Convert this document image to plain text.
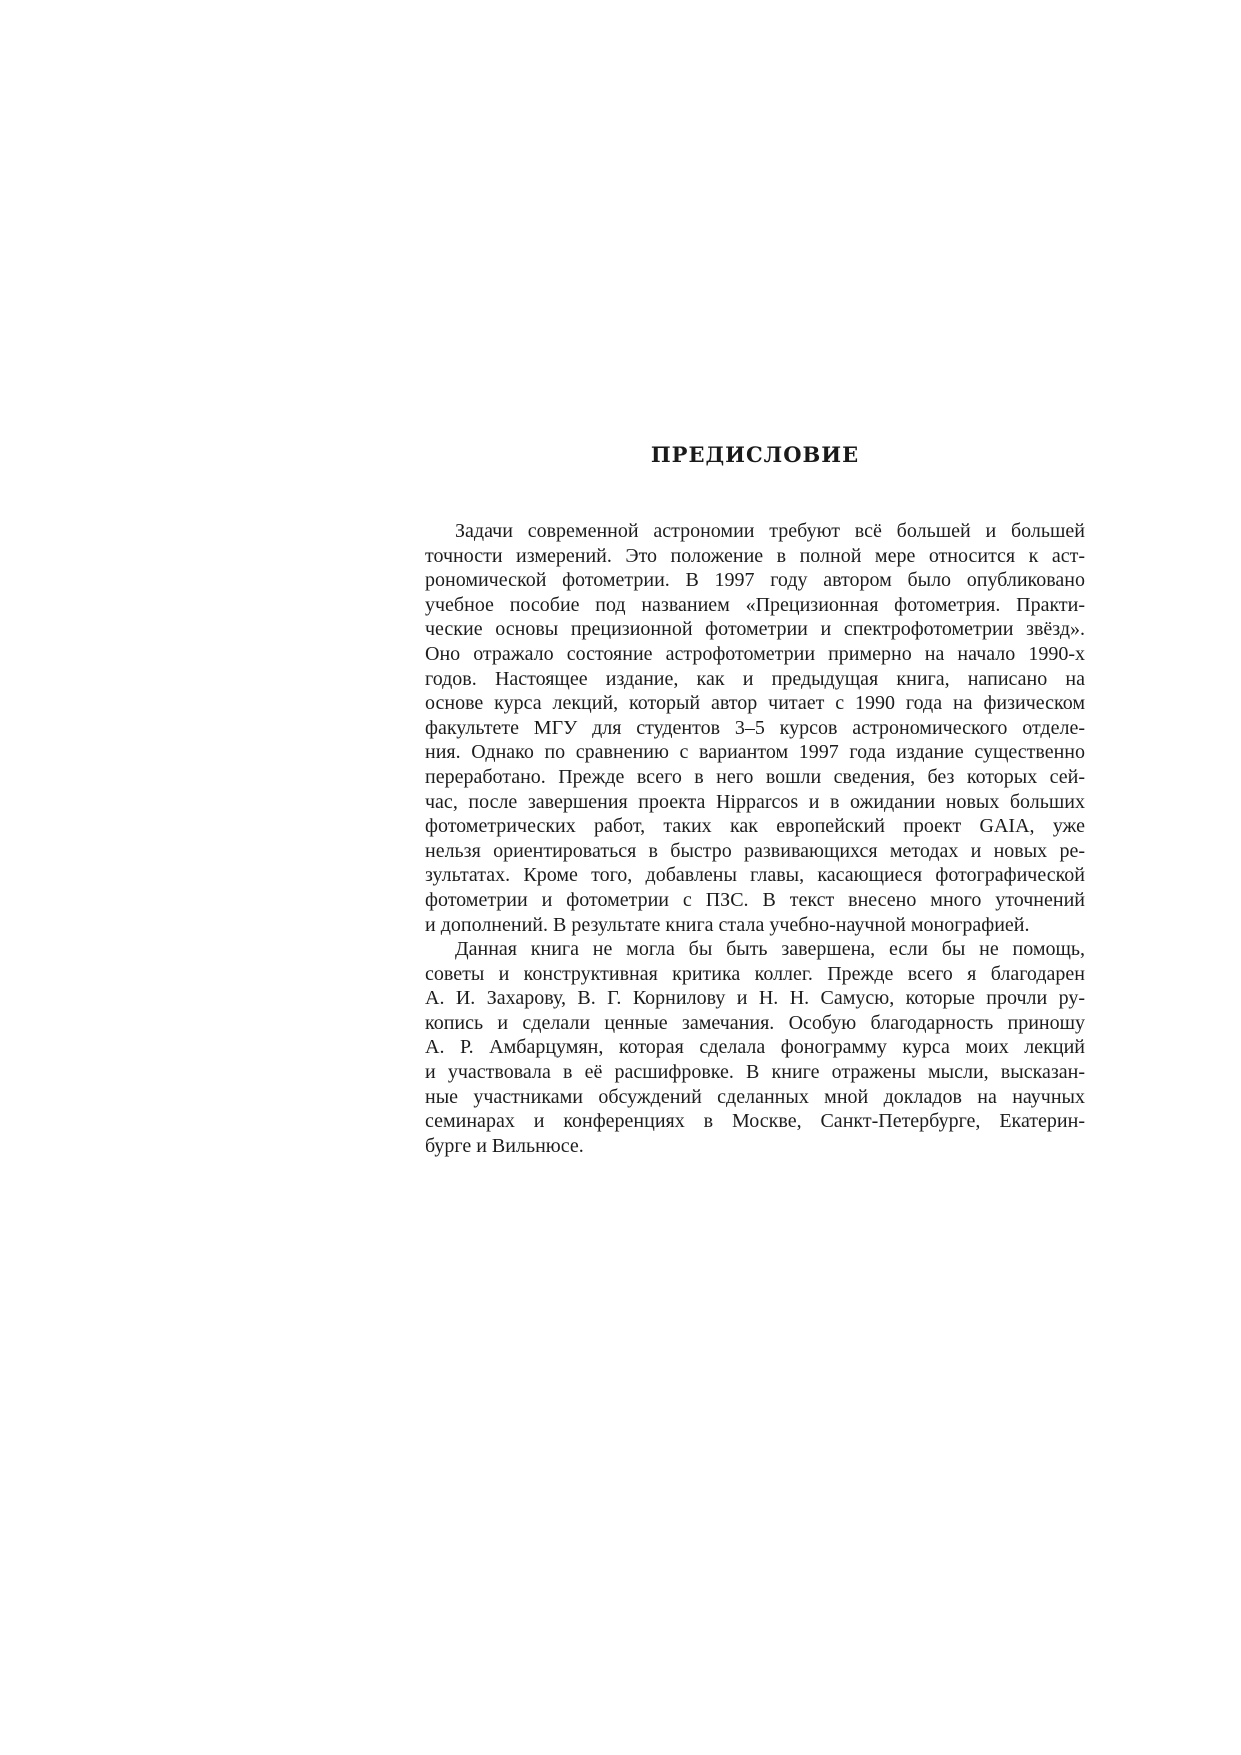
ПРЕДИСЛОВИЕ
Задачи современной астрономии требуют всё большей и большей
точности измерений. Это положение в полной мере относится к аст-
рономической фотометрии. В 1997 году автором было опубликовано
учебное пособие под названием «Прецизионная фотометрия. Практи-
ческие основы прецизионной фотометрии и спектрофотометрии звёзд».
Оно отражало состояние астрофотометрии примерно на начало 1990-х
годов. Настоящее издание, как и предыдущая книга, написано на
основе курса лекций, который автор читает с 1990 года на физическом
факультете МГУ для студентов 3–5 курсов астрономического отделе-
ния. Однако по сравнению с вариантом 1997 года издание существенно
переработано. Прежде всего в него вошли сведения, без которых сей-
час, после завершения проекта Hipparcos и в ожидании новых больших
фотометрических работ, таких как европейский проект GAIA, уже
нельзя ориентироваться в быстро развивающихся методах и новых ре-
зультатах. Кроме того, добавлены главы, касающиеся фотографической
фотометрии и фотометрии с ПЗС. В текст внесено много уточнений
и дополнений. В результате книга стала учебно-научной монографией.
Данная книга не могла бы быть завершена, если бы не помощь,
советы и конструктивная критика коллег. Прежде всего я благодарен
А. И. Захарову, В. Г. Корнилову и Н. Н. Самусю, которые прочли ру-
копись и сделали ценные замечания. Особую благодарность приношу
А. Р. Амбарцумян, которая сделала фонограмму курса моих лекций
и участвовала в её расшифровке. В книге отражены мысли, высказан-
ные участниками обсуждений сделанных мной докладов на научных
семинарах и конференциях в Москве, Санкт-Петербурге, Екатерин-
бурге и Вильнюсе.
